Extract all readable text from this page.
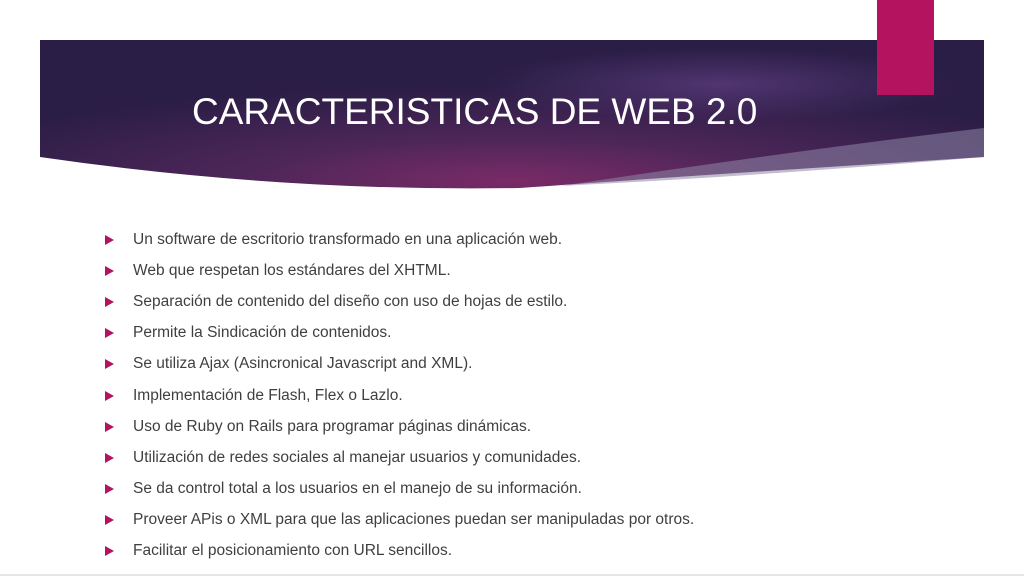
CARACTERISTICAS DE WEB 2.0
Un software de escritorio transformado en una aplicación web.
Web que respetan los estándares del XHTML.
Separación de contenido del diseño con uso de hojas de estilo.
Permite la Sindicación de contenidos.
Se utiliza Ajax (Asincronical Javascript and XML).
Implementación de Flash, Flex o Lazlo.
Uso de Ruby on Rails para programar páginas dinámicas.
Utilización de redes sociales al manejar usuarios y comunidades.
Se da control total a los usuarios en el manejo de su información.
Proveer APis o XML para que las aplicaciones puedan ser manipuladas por otros.
Facilitar el posicionamiento con URL sencillos.
